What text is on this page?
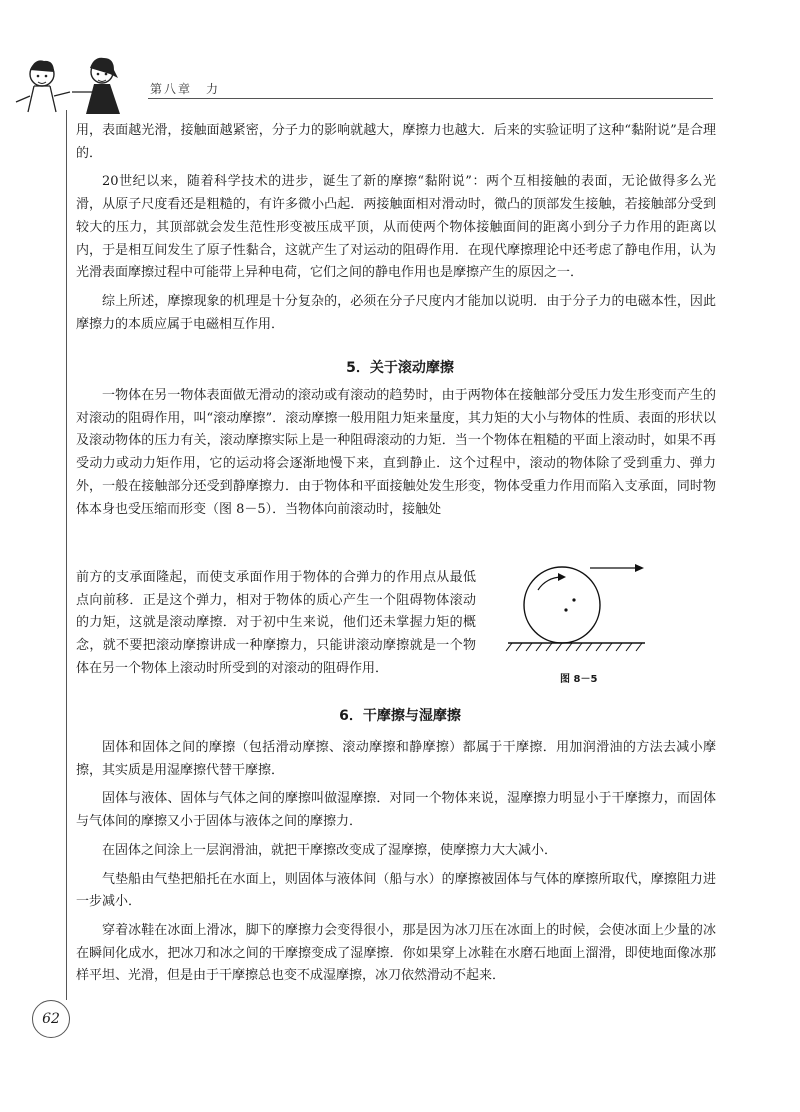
第八章　力

用，表面越光滑，接触面越紧密，分子力的影响就越大，摩擦力也越大．后来的实验证明了这种“黏附说”是合理的．

20世纪以来，随着科学技术的进步，诞生了新的摩擦“黏附说”：两个互相接触的表面，无论做得多么光滑，从原子尺度看还是粗糙的，有许多微小凸起．两接触面相对滑动时，微凸的顶部发生接触，若接触部分受到较大的压力，其顶部就会发生范性形变被压成平顶，从而使两个物体接触面间的距离小到分子力作用的距离以内，于是相互间发生了原子性黏合，这就产生了对运动的阻碍作用．在现代摩擦理论中还考虑了静电作用，认为光滑表面摩擦过程中可能带上异种电荷，它们之间的静电作用也是摩擦产生的原因之一．

综上所述，摩擦现象的机理是十分复杂的，必须在分子尺度内才能加以说明．由于分子力的电磁本性，因此摩擦力的本质应属于电磁相互作用．

5．关于滚动摩擦

一物体在另一物体表面做无滑动的滚动或有滚动的趋势时，由于两物体在接触部分受压力发生形变而产生的对滚动的阻碍作用，叫“滚动摩擦”．滚动摩擦一般用阻力矩来量度，其力矩的大小与物体的性质、表面的形状以及滚动物体的压力有关，滚动摩擦实际上是一种阻碍滚动的力矩．当一个物体在粗糙的平面上滚动时，如果不再受动力或动力矩作用，它的运动将会逐渐地慢下来，直到静止．这个过程中，滚动的物体除了受到重力、弹力外，一般在接触部分还受到静摩擦力．由于物体和平面接触处发生形变，物体受重力作用而陷入支承面，同时物体本身也受压缩而形变（图 8－5）．当物体向前滚动时，接触处

前方的支承面隆起，而使支承面作用于物体的合弹力的作用点从最低点向前移．正是这个弹力，相对于物体的质心产生一个阻碍物体滚动的力矩，这就是滚动摩擦．对于初中生来说，他们还未掌握力矩的概念，就不要把滚动摩擦讲成一种摩擦力，只能讲滚动摩擦就是一个物体在另一个物体上滚动时所受到的对滚动的阻碍作用．

图 8－5
6．干摩擦与湿摩擦

固体和固体之间的摩擦（包括滑动摩擦、滚动摩擦和静摩擦）都属于干摩擦．用加润滑油的方法去减小摩擦，其实质是用湿摩擦代替干摩擦．

固体与液体、固体与气体之间的摩擦叫做湿摩擦．对同一个物体来说，湿摩擦力明显小于干摩擦力，而固体与气体间的摩擦又小于固体与液体之间的摩擦力．

在固体之间涂上一层润滑油，就把干摩擦改变成了湿摩擦，使摩擦力大大减小．

气垫船由气垫把船托在水面上，则固体与液体间（船与水）的摩擦被固体与气体的摩擦所取代，摩擦阻力进一步减小．

穿着冰鞋在冰面上滑冰，脚下的摩擦力会变得很小，那是因为冰刀压在冰面上的时候，会使冰面上少量的冰在瞬间化成水，把冰刀和冰之间的干摩擦变成了湿摩擦．你如果穿上冰鞋在水磨石地面上溜滑，即使地面像冰那样平坦、光滑，但是由于干摩擦总也变不成湿摩擦，冰刀依然滑动不起来．

62
